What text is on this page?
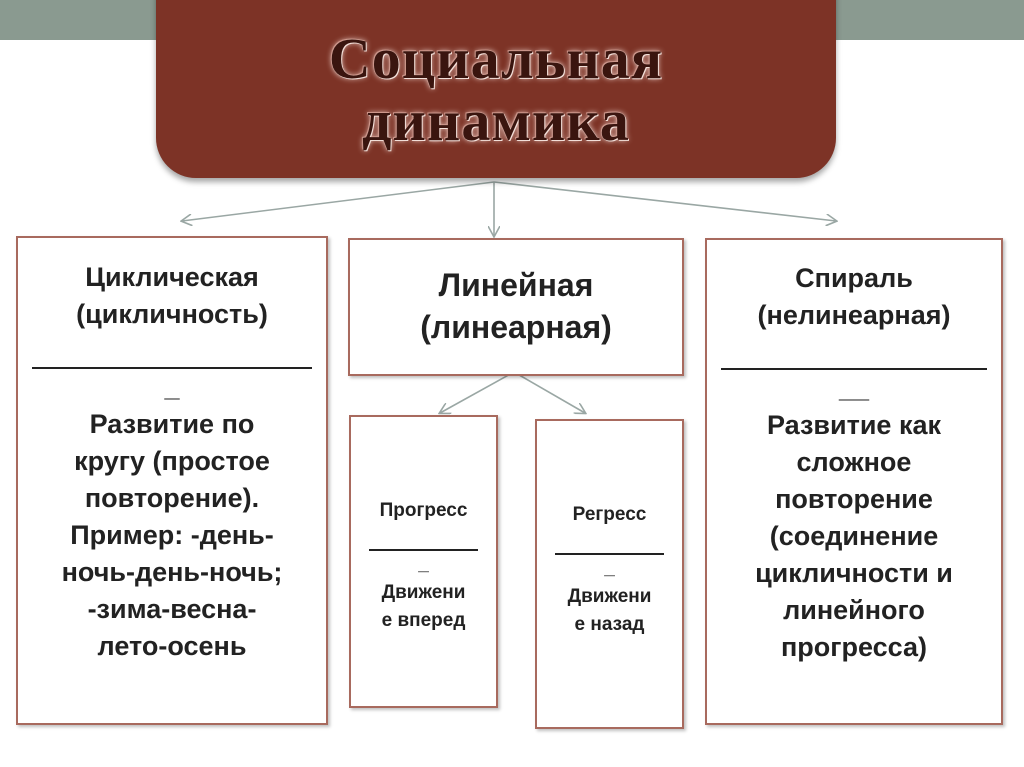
Социальная
динамика
Циклическая
(цикличность)
_
Развитие по
кругу (простое
повторение).
Пример: -день-
ночь-день-ночь;
-зима-весна-
лето-осень
Линейная
(линеарная)
Прогресс
_
Движени
е вперед
Регресс
_
Движени
е назад
Спираль
(нелинеарная)
__
Развитие как
сложное
повторение
(соединение
цикличности и
линейного
прогресса)
